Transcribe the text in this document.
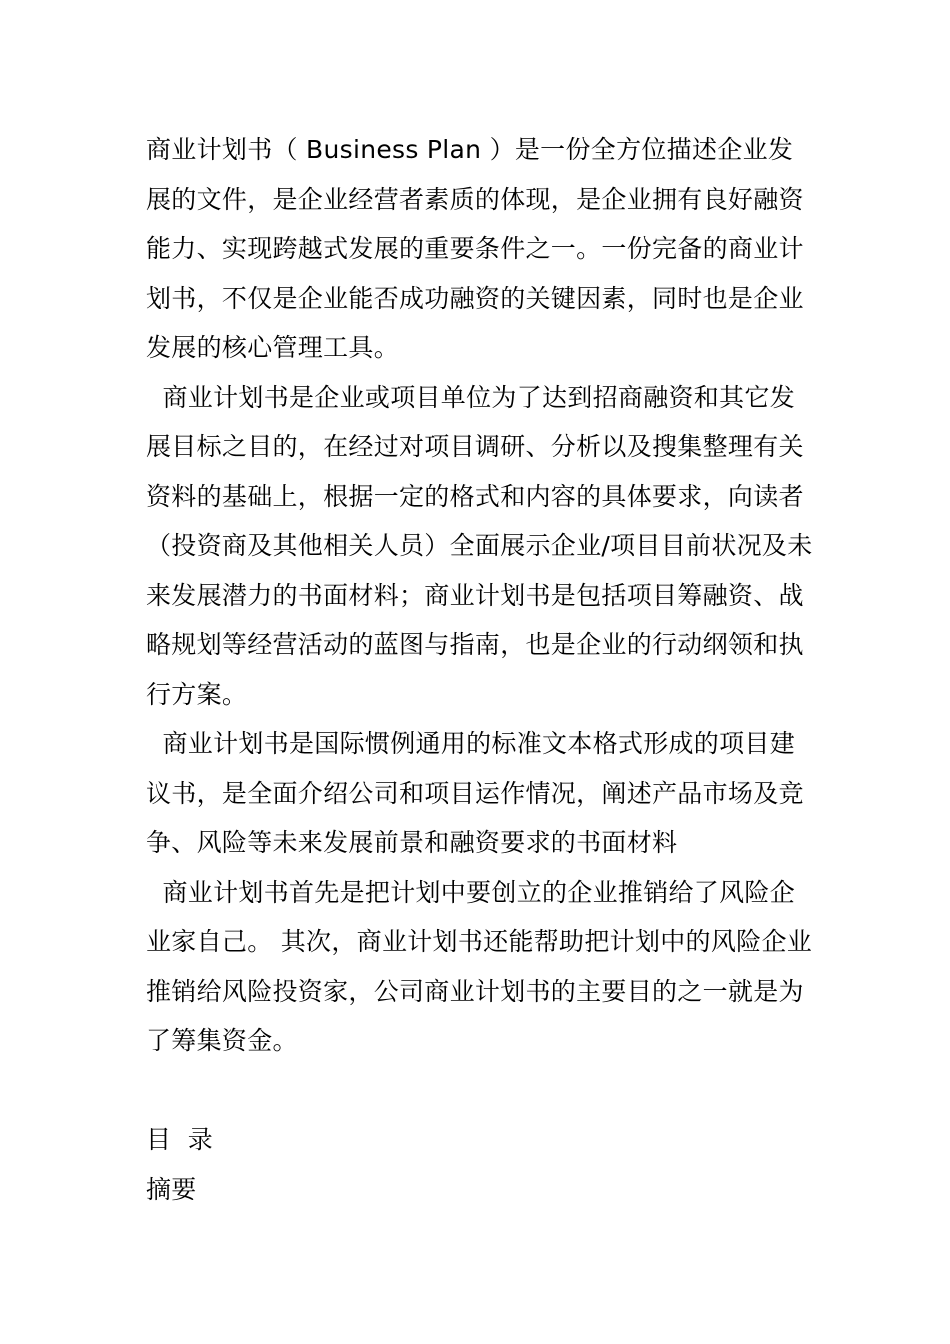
商业计划书（ Business Plan ）是一份全方位描述企业发展的文件，是企业经营者素质的体现，是企业拥有良好融资能力、实现跨越式发展的重要条件之一。一份完备的商业计划书，不仅是企业能否成功融资的关键因素，同时也是企业发展的核心管理工具。

商业计划书是企业或项目单位为了达到招商融资和其它发展目标之目的，在经过对项目调研、分析以及搜集整理有关资料的基础上，根据一定的格式和内容的具体要求，向读者（投资商及其他相关人员）全面展示企业/项目目前状况及未来发展潜力的书面材料；商业计划书是包括项目筹融资、战略规划等经营活动的蓝图与指南，也是企业的行动纲领和执行方案。

商业计划书是国际惯例通用的标准文本格式形成的项目建议书，是全面介绍公司和项目运作情况，阐述产品市场及竞争、风险等未来发展前景和融资要求的书面材料

商业计划书首先是把计划中要创立的企业推销给了风险企业家自己。 其次，商业计划书还能帮助把计划中的风险企业推销给风险投资家，公司商业计划书的主要目的之一就是为了筹集资金。

目  录

摘要
